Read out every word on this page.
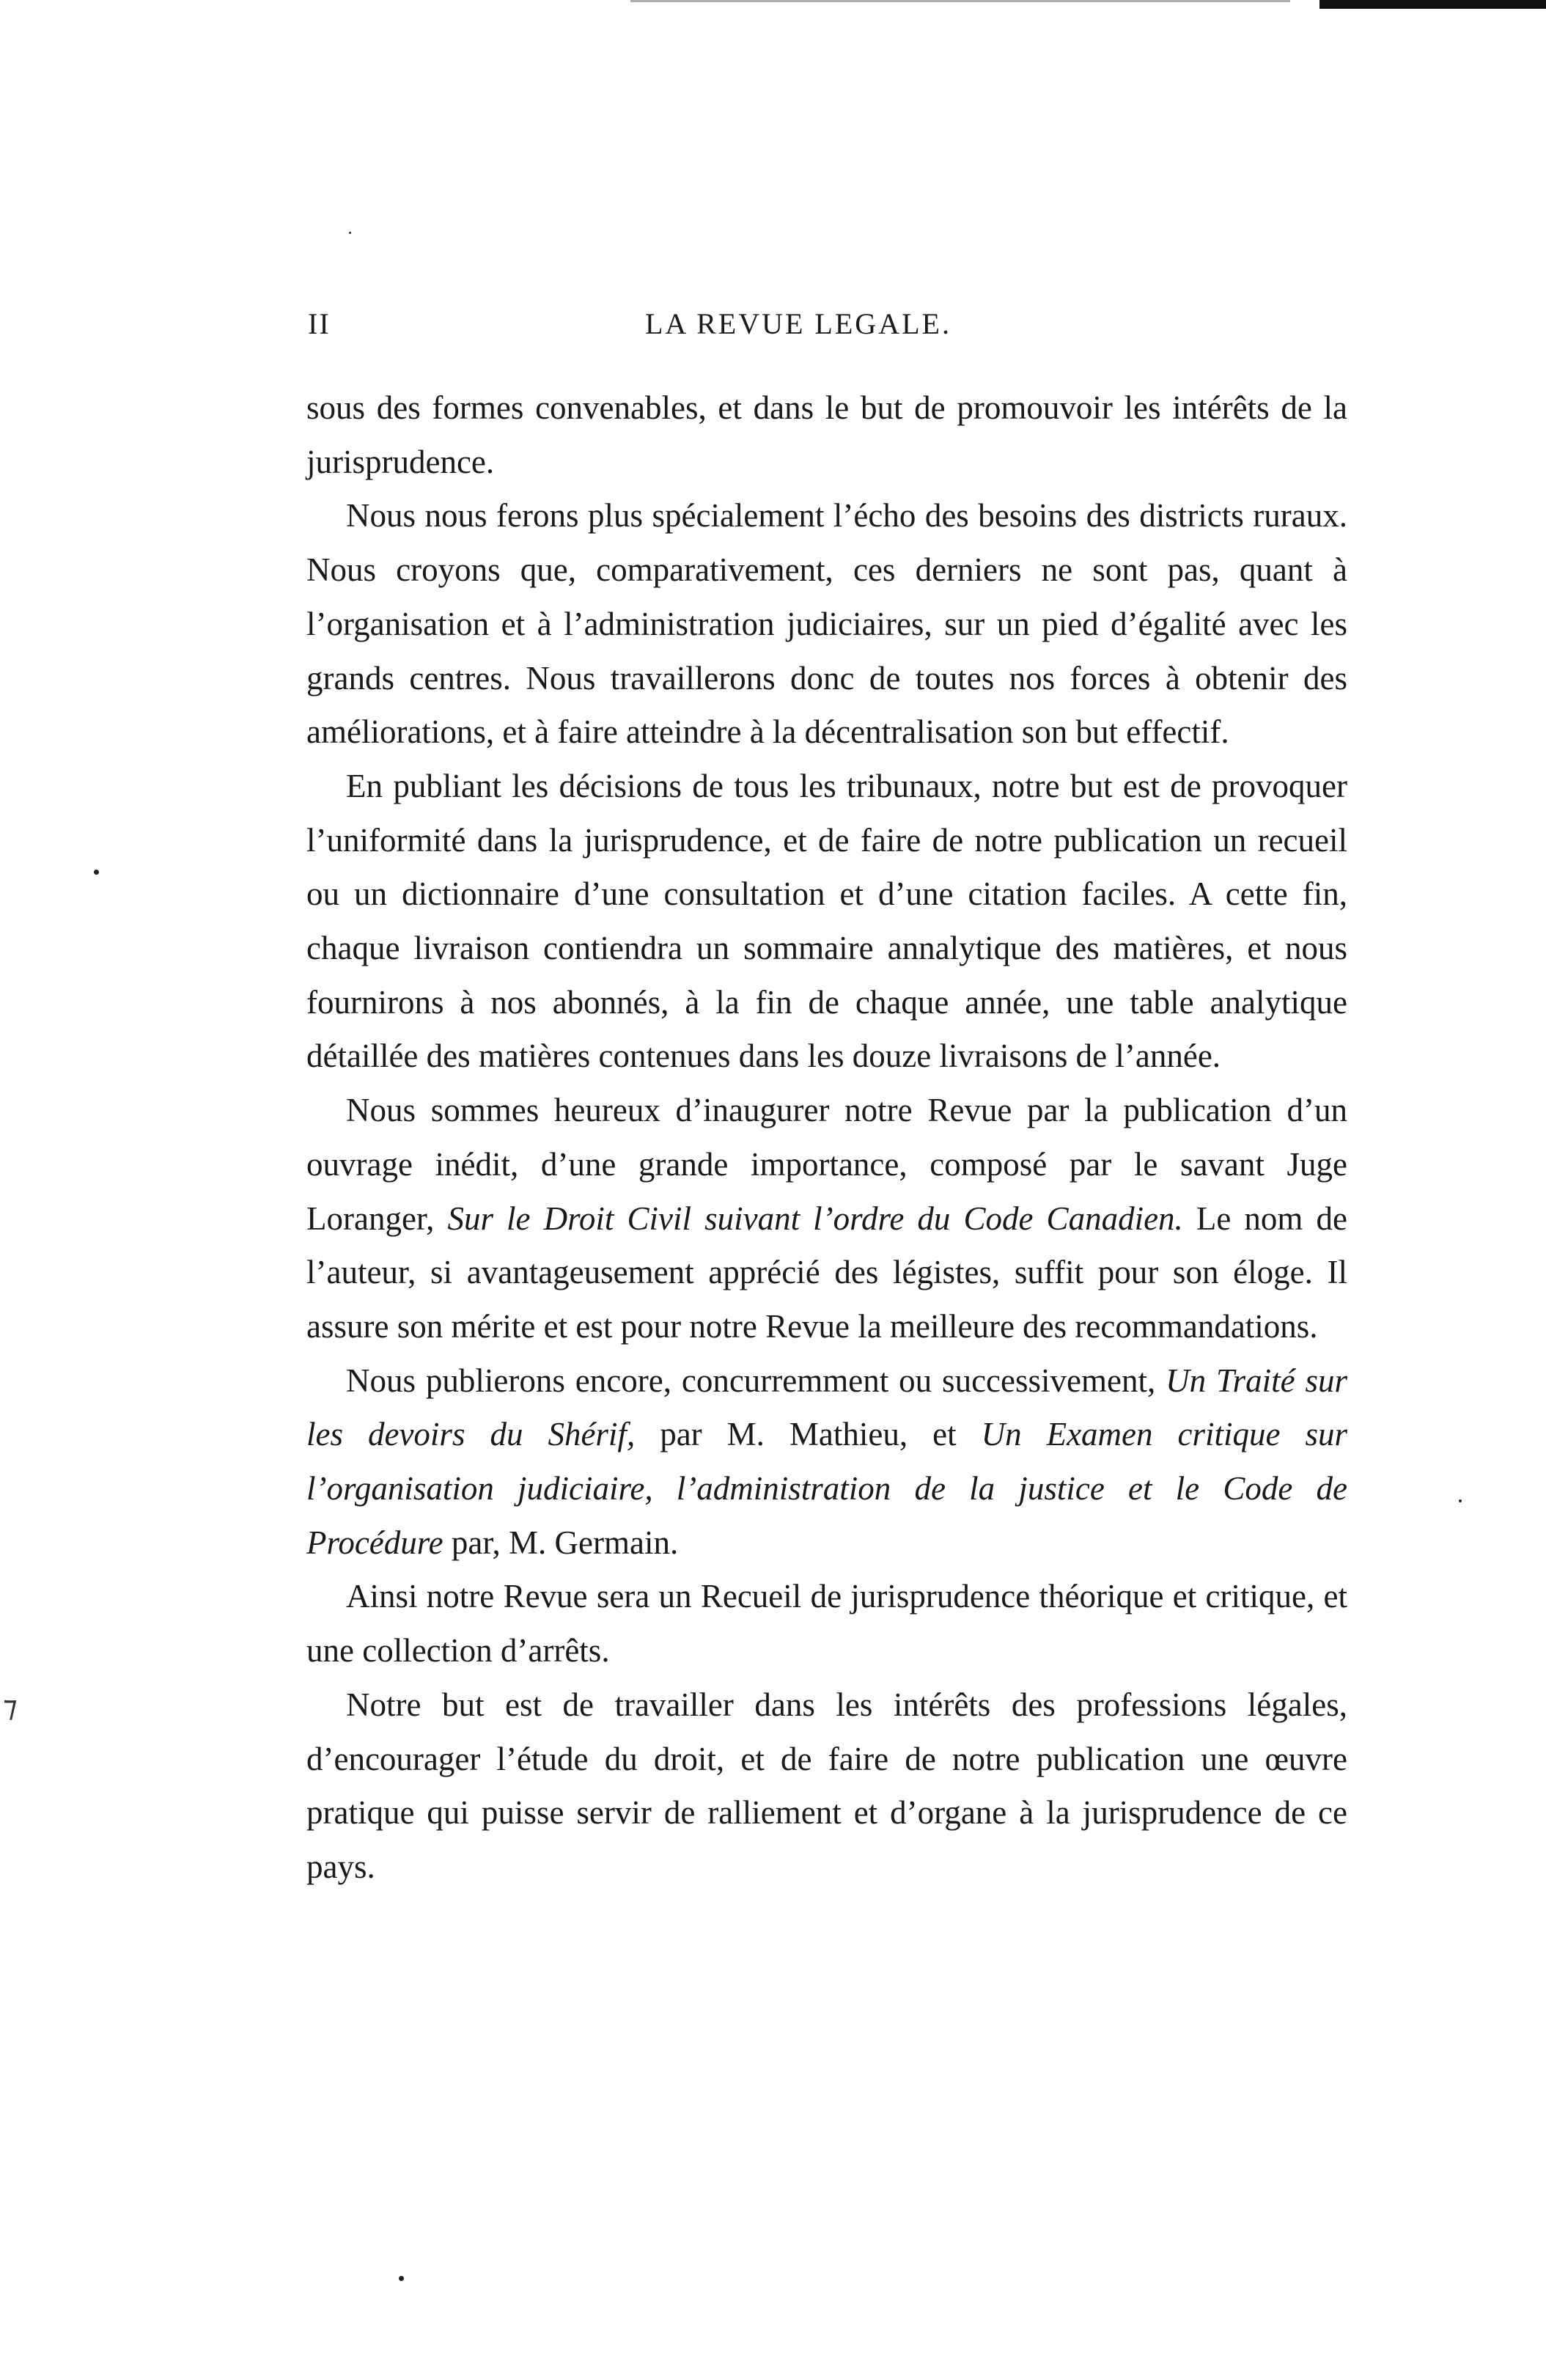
⁊
II	LA REVUE LEGALE.

sous des formes convenables, et dans le but de promouvoir les intérêts de la jurisprudence.

Nous nous ferons plus spécialement l’écho des besoins des districts ruraux. Nous croyons que, comparativement, ces derniers ne sont pas, quant à l’organisation et à l’administration judiciaires, sur un pied d’égalité avec les grands centres. Nous travaillerons donc de toutes nos forces à obtenir des améliorations, et à faire atteindre à la décentralisation son but effectif.

En publiant les décisions de tous les tribunaux, notre but est de provoquer l’uniformité dans la jurisprudence, et de faire de notre publication un recueil ou un dictionnaire d’une consultation et d’une citation faciles. A cette fin, chaque livraison contiendra un sommaire annalytique des matières, et nous fournirons à nos abonnés, à la fin de chaque année, une table analytique détaillée des matières contenues dans les douze livraisons de l’année.

Nous sommes heureux d’inaugurer notre Revue par la publication d’un ouvrage inédit, d’une grande importance, composé par le savant Juge Loranger, Sur le Droit Civil suivant l’ordre du Code Canadien. Le nom de l’auteur, si avantageusement apprécié des légistes, suffit pour son éloge. Il assure son mérite et est pour notre Revue la meilleure des recommandations.

Nous publierons encore, concurremment ou successivement, Un Traité sur les devoirs du Shérif, par M. Mathieu, et Un Examen critique sur l’organisation judiciaire, l’administration de la justice et le Code de Procédure par, M. Germain.

Ainsi notre Revue sera un Recueil de jurisprudence théorique et critique, et une collection d’arrêts.

Notre but est de travailler dans les intérêts des professions légales, d’encourager l’étude du droit, et de faire de notre publication une œuvre pratique qui puisse servir de ralliement et d’organe à la jurisprudence de ce pays.
